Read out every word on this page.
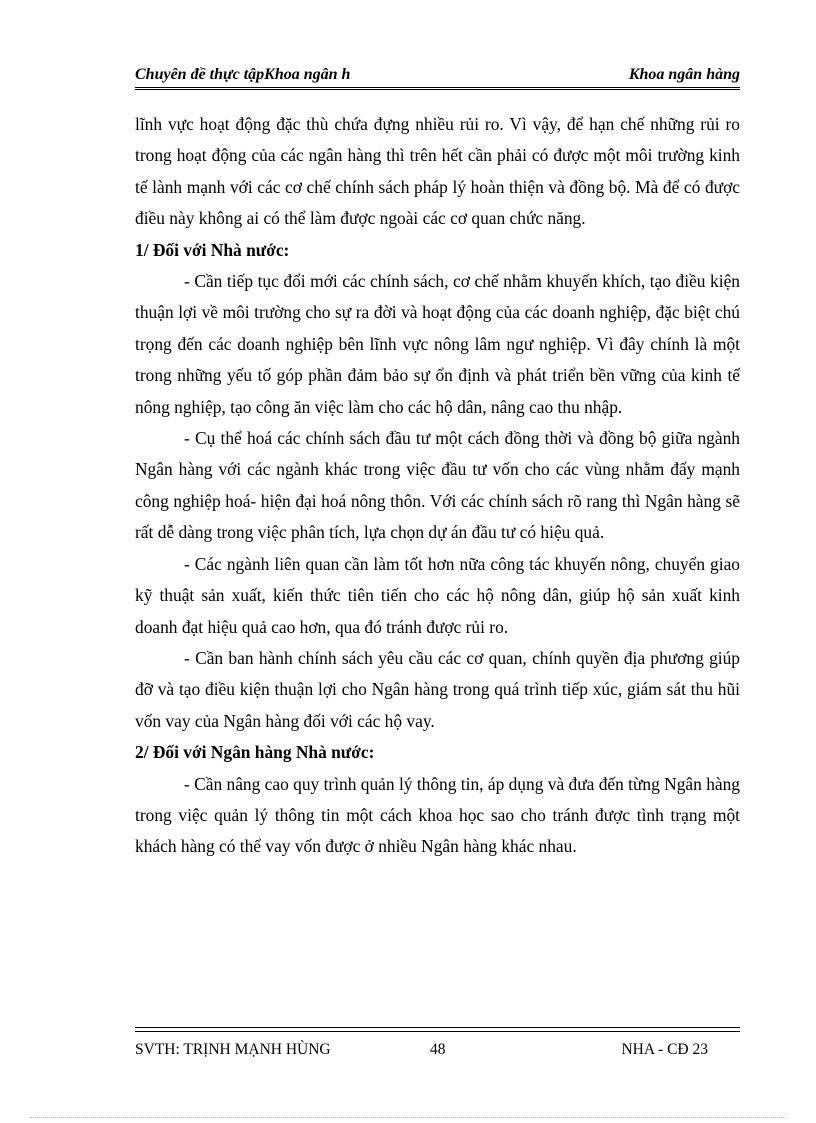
Chuyên đề thực tậpKhoa ngân h	Khoa ngân hàng

lĩnh vực hoạt động đặc thù chứa đựng nhiều rủi ro. Vì vậy, để hạn chế những rủi ro trong hoạt động của các ngân hàng thì trên hết cần phải có được một môi trường kinh tế lành mạnh với các cơ chế chính sách pháp lý hoàn thiện và đồng bộ. Mà để có được điều này không ai có thể làm được ngoài các cơ quan chức năng.

1/ Đối với Nhà nước:

- Cần tiếp tục đổi mới các chính sách, cơ chế nhằm khuyến khích, tạo điều kiện thuận lợi về môi trường cho sự ra đời và hoạt động của các doanh nghiệp, đặc biệt chú trọng đến các doanh nghiệp bên lĩnh vực nông lâm ngư nghiệp. Vì đây chính là một trong những yếu tố góp phần đảm bảo sự ổn định và phát triển bền vững của kinh tế nông nghiệp, tạo công ăn việc làm cho các hộ dân, nâng cao thu nhập.

- Cụ thể hoá các chính sách đầu tư một cách đồng thời và đồng bộ giữa ngành Ngân hàng với các ngành khác trong việc đầu tư vốn cho các vùng nhằm đẩy mạnh công nghiệp hoá- hiện đại hoá nông thôn. Với các chính sách rõ rang thì Ngân hàng sẽ rất dễ dàng trong việc phân tích, lựa chọn dự án đầu tư có hiệu quả.

- Các ngành liên quan cần làm tốt hơn nữa công tác khuyến nông, chuyển giao kỹ thuật sản xuất, kiến thức tiên tiến cho các hộ nông dân, giúp hộ sản xuất kinh doanh đạt hiệu quả cao hơn, qua đó tránh được rủi ro.

- Cần ban hành chính sách yêu cầu các cơ quan, chính quyền địa phương giúp đỡ và tạo điều kiện thuận lợi cho Ngân hàng trong quá trình tiếp xúc, giám sát thu hũi vốn vay của Ngân hàng đối với các hộ vay.

2/ Đối với Ngân hàng Nhà nước:

- Cần nâng cao quy trình quản lý thông tin, áp dụng và đưa đến từng Ngân hàng trong việc quản lý thông tin một cách khoa học sao cho tránh được tình trạng một khách hàng có thể vay vốn được ở nhiều Ngân hàng khác nhau.

SVTH: TRỊNH MẠNH HÙNG	48	NHA - CĐ 23
